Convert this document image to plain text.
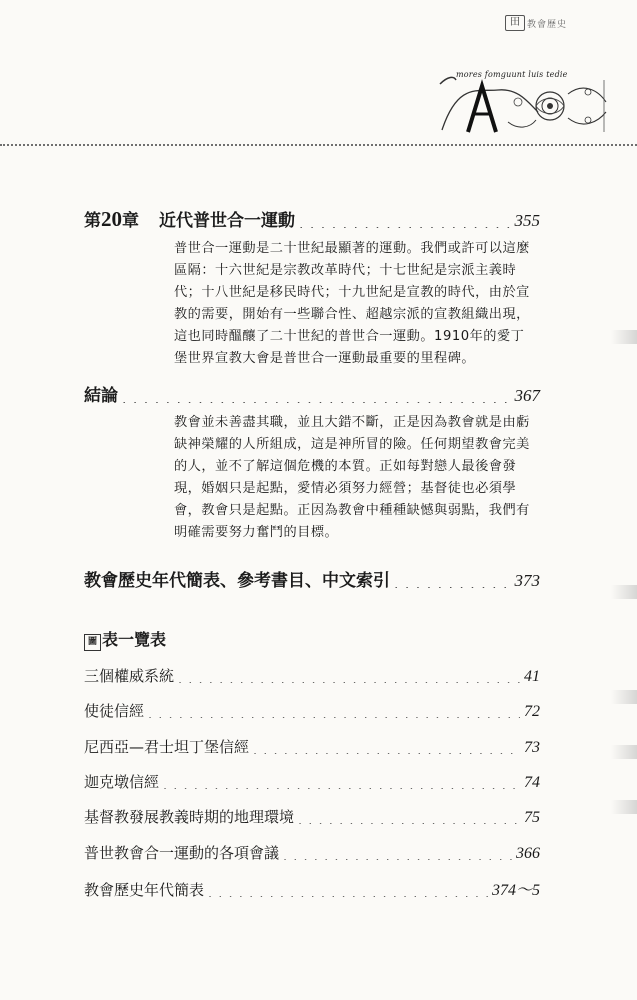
田 教會歷史
mores fomguunt luis tedie
第20章 近代普世合一運動 . . .	355
普世合一運動是二十世紀最顯著的運動。我們或許可以這麼區隔：十六世紀是宗教改革時代；十七世紀是宗派主義時代；十八世紀是移民時代；十九世紀是宣教的時代，由於宣教的需要，開始有一些聯合性、超越宗派的宣教組織出現，這也同時醞釀了二十世紀的普世合一運動。1910年的愛丁堡世界宣教大會是普世合一運動最重要的里程碑。
結論 . . .	367
教會並未善盡其職，並且大錯不斷，正是因為教會就是由虧缺神榮耀的人所組成，這是神所冒的險。任何期望教會完美的人，並不了解這個危機的本質。正如每對戀人最後會發現，婚姻只是起點，愛情必須努力經營；基督徒也必須學會，教會只是起點。正因為教會中種種缺憾與弱點，我們有明確需要努力奮鬥的目標。
教會歷史年代簡表、參考書目、中文索引 . . .	373
圖 表一覽表
三個權威系統 . . .	41
使徒信經 . . .	72
尼西亞—君士坦丁堡信經 . . .	73
迦克墩信經 . . .	74
基督教發展教義時期的地理環境 . . .	75
普世教會合一運動的各項會議 . . .	366
教會歷史年代簡表 . . .	374～5
